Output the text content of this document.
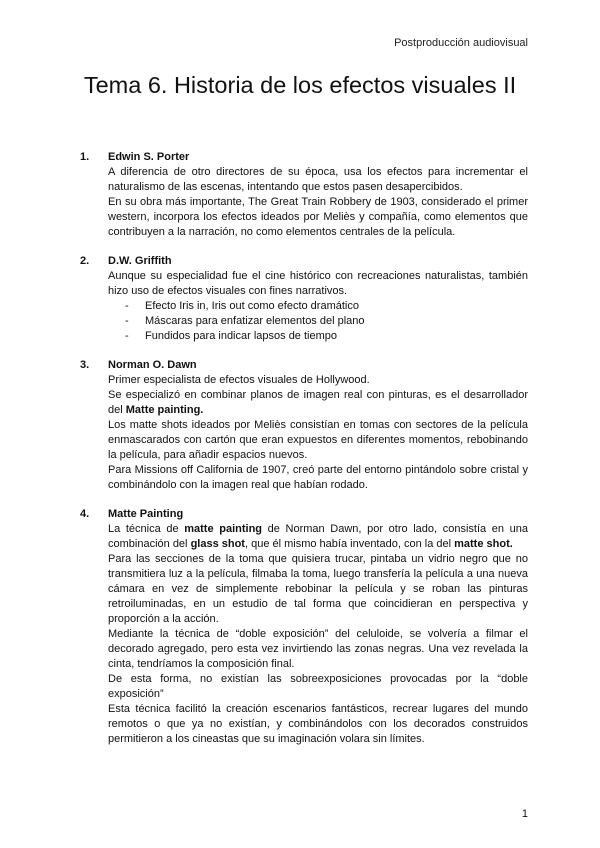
Postproducción audiovisual
Tema 6. Historia de los efectos visuales II
1.	Edwin S. Porter
A diferencia de otro directores de su época, usa los efectos para incrementar el naturalismo de las escenas, intentando que estos pasen desapercibidos.
En su obra más importante, The Great Train Robbery de 1903, considerado el primer western, incorpora los efectos ideados por Meliès y compañía, como elementos que contribuyen a la narración, no como elementos centrales de la película.
2.	D.W. Griffith
Aunque su especialidad fue el cine histórico con recreaciones naturalistas, también hizo uso de efectos visuales con fines narrativos.
-	Efecto Iris in, Iris out como efecto dramático
-	Máscaras para enfatizar elementos del plano
-	Fundidos para indicar lapsos de tiempo
3.	Norman O. Dawn
Primer especialista de efectos visuales de Hollywood.
Se especializó en combinar planos de imagen real con pinturas, es el desarrollador del Matte painting.
Los matte shots ideados por Meliès consistían en tomas con sectores de la película enmascarados con cartón que eran expuestos en diferentes momentos, rebobinando la película, para añadir espacios nuevos.
Para Missions off California de 1907, creó parte del entorno pintándolo sobre cristal y combinándolo con la imagen real que habían rodado.
4.	Matte Painting
La técnica de matte painting de Norman Dawn, por otro lado, consistía en una combinación del glass shot, que él mismo había inventado, con la del matte shot.
Para las secciones de la toma que quisiera trucar, pintaba un vidrio negro que no transmitiera luz a la película, filmaba la toma, luego transfería la película a una nueva cámara en vez de simplemente rebobinar la película y se roban las pinturas retroiluminadas, en un estudio de tal forma que coincidieran en perspectiva y proporción a la acción.
Mediante la técnica de “doble exposición” del celuloide, se volvería a filmar el decorado agregado, pero esta vez invirtiendo las zonas negras. Una vez revelada la cinta, tendríamos la composición final.
De esta forma, no existían las sobreexposiciones provocadas por la “doble exposición”
Esta técnica facilitó la creación escenarios fantásticos, recrear lugares del mundo remotos o que ya no existían, y combinándolos con los decorados construidos permitieron a los cineastas que su imaginación volara sin límites.
1
